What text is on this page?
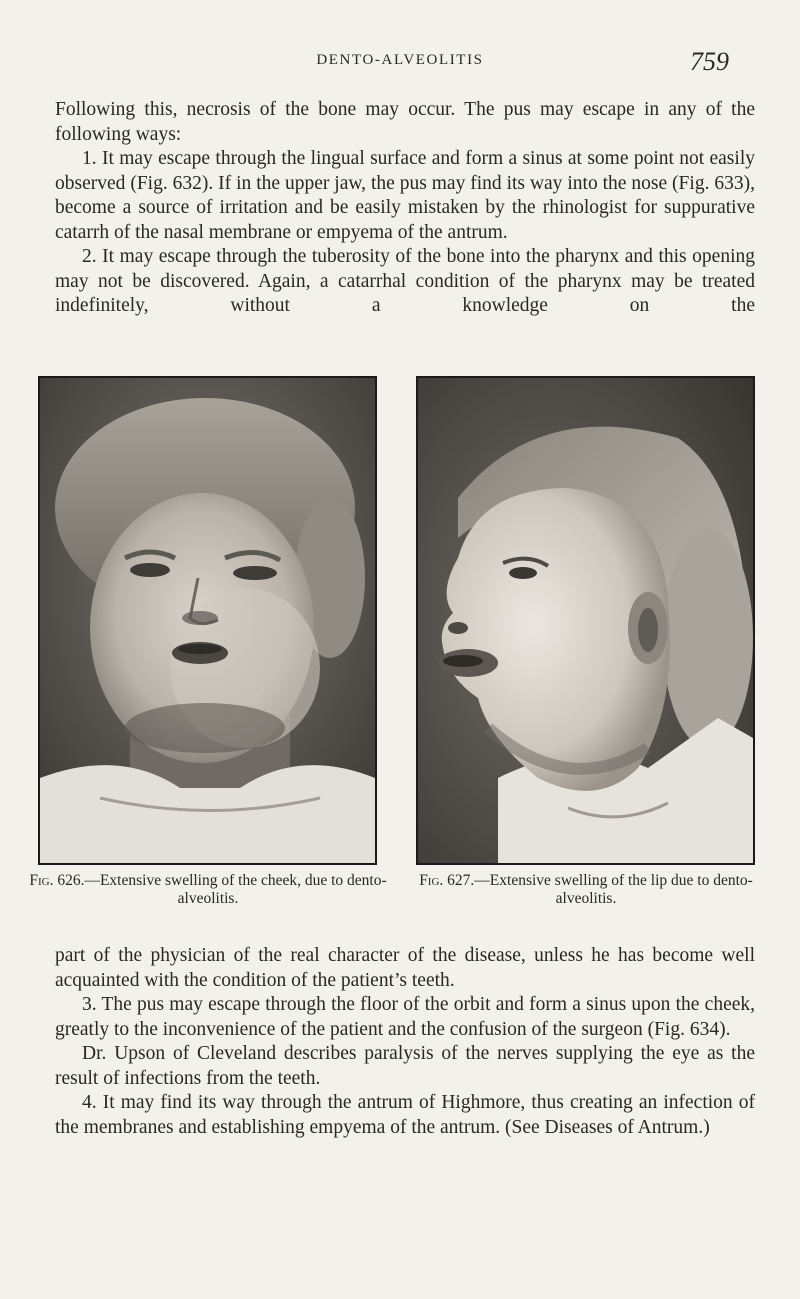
DENTO-ALVEOLITIS	759

Following this, necrosis of the bone may occur. The pus may escape in any of the following ways:

1. It may escape through the lingual surface and form a sinus at some point not easily observed (Fig. 632). If in the upper jaw, the pus may find its way into the nose (Fig. 633), become a source of irritation and be easily mistaken by the rhinologist for suppurative catarrh of the nasal membrane or empyema of the antrum.

2. It may escape through the tuberosity of the bone into the pharynx and this opening may not be discovered. Again, a catarrhal condition of the pharynx may be treated indefinitely, without a knowledge on the

Fig. 626.—Extensive swelling of the cheek, due to dento-alveolitis.
Fig. 627.—Extensive swelling of the lip due to dento-alveolitis.

part of the physician of the real character of the disease, unless he has become well acquainted with the condition of the patient’s teeth.

3. The pus may escape through the floor of the orbit and form a sinus upon the cheek, greatly to the inconvenience of the patient and the confusion of the surgeon (Fig. 634).

Dr. Upson of Cleveland describes paralysis of the nerves supplying the eye as the result of infections from the teeth.

4. It may find its way through the antrum of Highmore, thus creating an infection of the membranes and establishing empyema of the antrum. (See Diseases of Antrum.)
